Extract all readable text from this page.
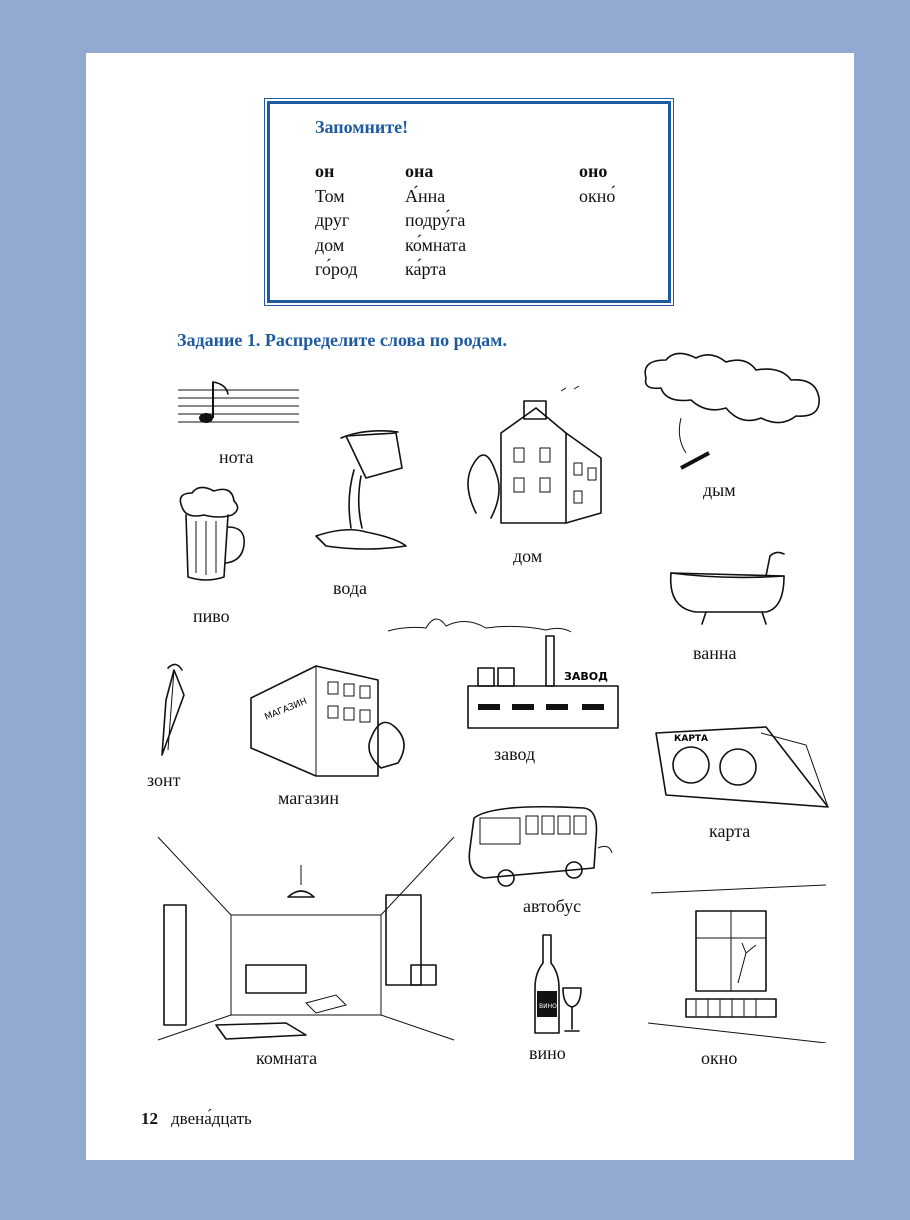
Запомните!
он
Том
друг
дом
го́род
она
А́нна
подру́га
ко́мната
ка́рта
оно
окно́
Задание 1. Распределите слова по родам.
нота
вода
дом
дым
пиво
ванна
ЗАВОД
завод
зонт
МАГАЗИН
магазин
КАРТА
карта
автобус
комната
ВИНО
вино	окно
12 двена́дцать
